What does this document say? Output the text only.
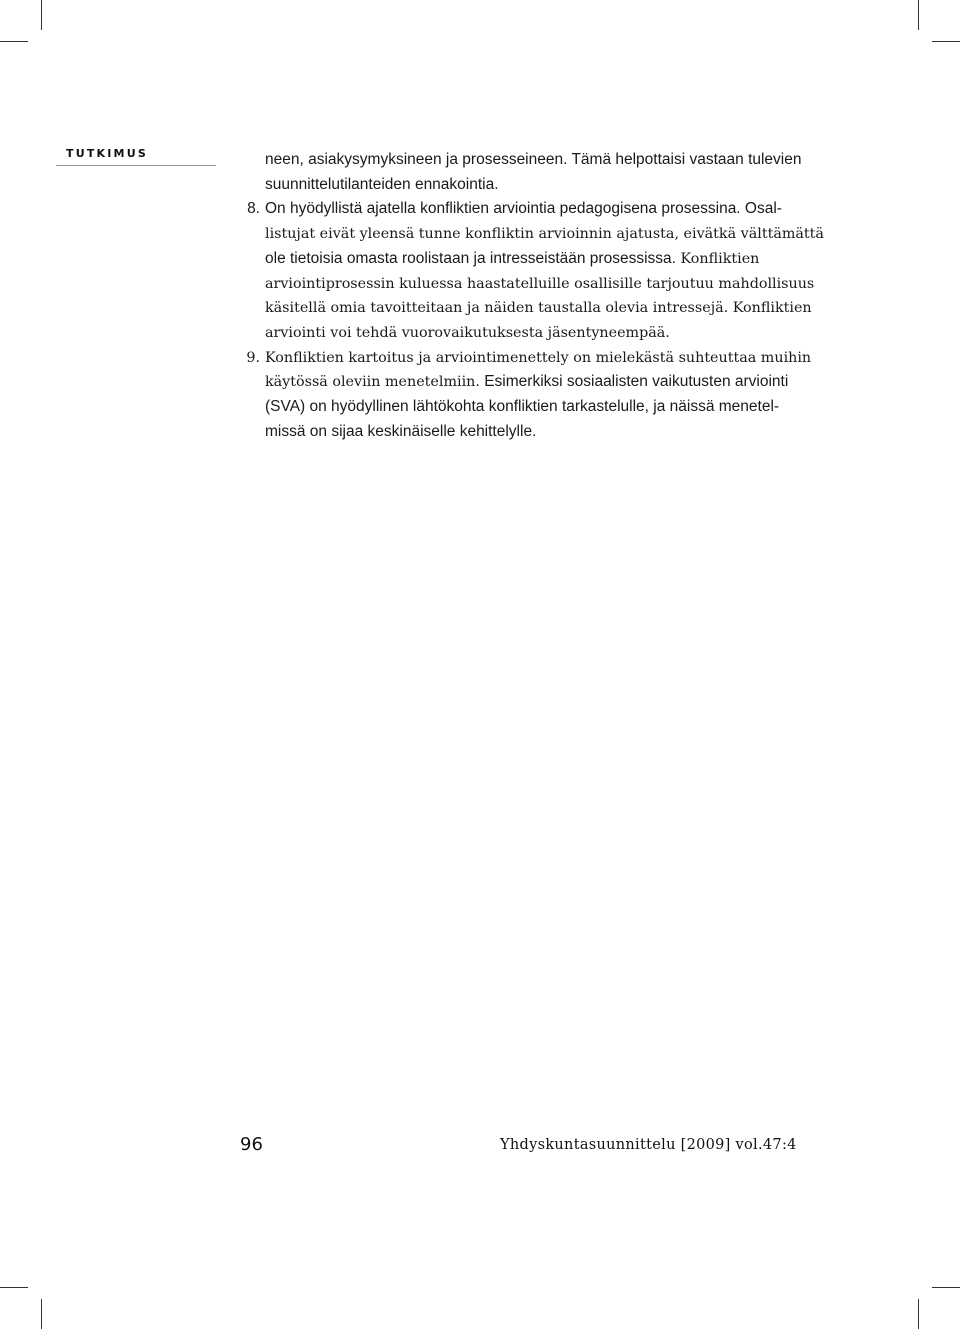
TUTKIMUS	neen, asiakysymyksineen ja prosesseineen. Tämä helpottaisi vastaan tulevien
suunnittelutilanteiden ennakointia.
8. On hyödyllistä ajatella konfliktien arviointia pedagogisena prosessina. Osal-
listujat eivät yleensä tunne konfliktin arvioinnin ajatusta, eivätkä välttämättä
ole tietoisia omasta roolistaan ja intresseistään prosessissa. Konfliktien
arviointiprosessin kuluessa haastatelluille osallisille tarjoutuu mahdollisuus
käsitellä omia tavoitteitaan ja näiden taustalla olevia intressejä. Konfliktien
arviointi voi tehdä vuorovaikutuksesta jäsentyneempää.
9. Konfliktien kartoitus ja arviointimenettely on mielekästä suhteuttaa muihin
käytössä oleviin menetelmiin. Esimerkiksi sosiaalisten vaikutusten arviointi
(SVA) on hyödyllinen lähtökohta konfliktien tarkastelulle, ja näissä menetel-
missä on sijaa keskinäiselle kehittelylle.
96	Yhdyskuntasuunnittelu [2009] vol.47:4
